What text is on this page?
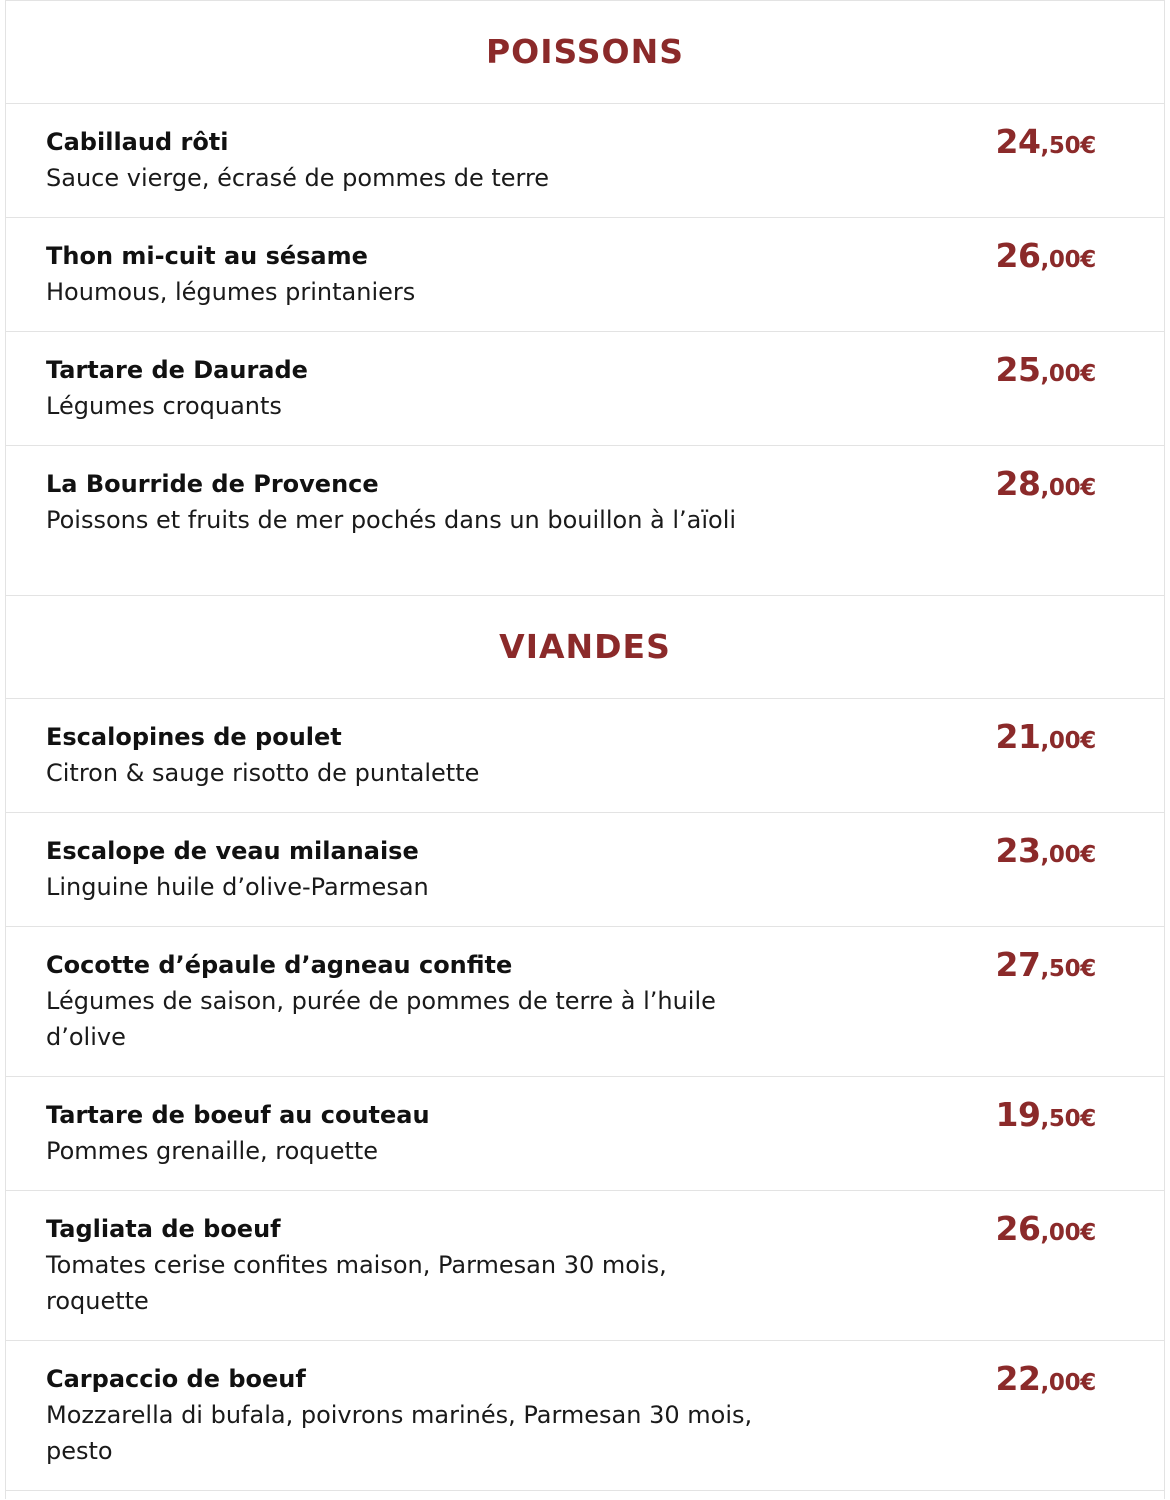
POISSONS

Cabillaud rôti

Sauce vierge, écrasé de pommes de terre

24,50€

Thon mi-cuit au sésame

Houmous, légumes printaniers

26,00€

Tartare de Daurade

Légumes croquants

25,00€

La Bourride de Provence

Poissons et fruits de mer pochés dans un bouillon à l’aïoli

28,00€
VIANDES

Escalopines de poulet

Citron & sauge risotto de puntalette

21,00€

Escalope de veau milanaise

Linguine huile d’olive-Parmesan

23,00€

Cocotte d’épaule d’agneau confite

Légumes de saison, purée de pommes de terre à l’huile d’olive

27,50€

Tartare de boeuf au couteau

Pommes grenaille, roquette

19,50€

Tagliata de boeuf

Tomates cerise confites maison, Parmesan 30 mois, roquette

26,00€

Carpaccio de boeuf

Mozzarella di bufala, poivrons marinés, Parmesan 30 mois, pesto

22,00€
